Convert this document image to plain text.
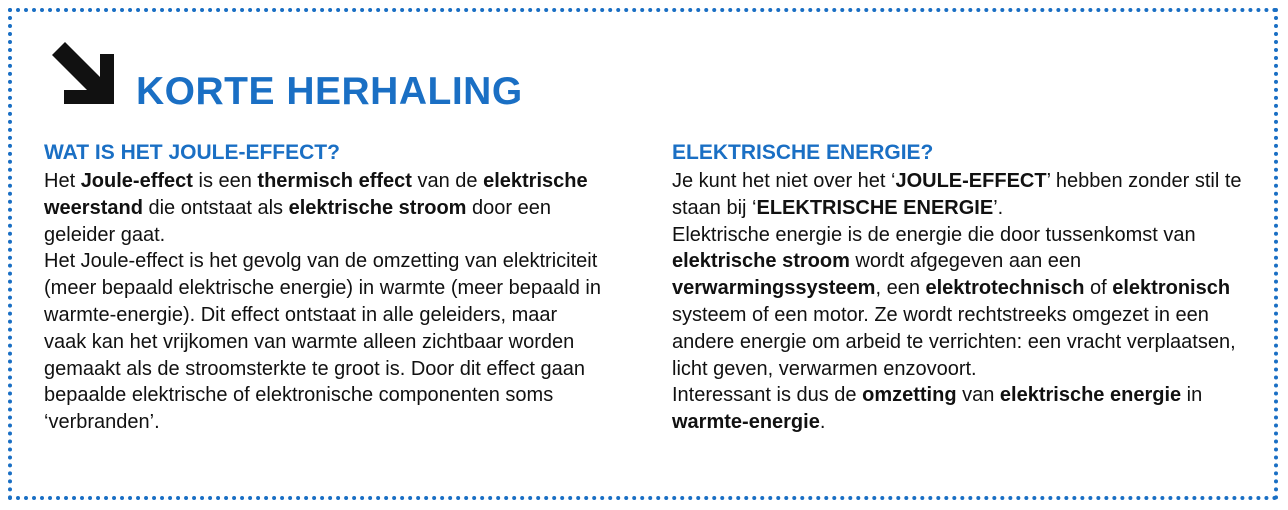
KORTE HERHALING
WAT IS HET JOULE-EFFECT?

Het Joule-effect is een thermisch effect van de elektrische weerstand die ontstaat als elektrische stroom door een geleider gaat.

Het Joule-effect is het gevolg van de omzetting van elektriciteit (meer bepaald elektrische energie) in warmte (meer bepaald in warmte-energie). Dit effect ontstaat in alle geleiders, maar vaak kan het vrijkomen van warmte alleen zichtbaar worden gemaakt als de stroomsterkte te groot is. Door dit effect gaan bepaalde elektrische of elektronische componenten soms ‘verbranden’.

ELEKTRISCHE ENERGIE?

Je kunt het niet over het ‘JOULE-EFFECT’ hebben zonder stil te staan bij ‘ELEKTRISCHE ENERGIE’.

Elektrische energie is de energie die door tussenkomst van elektrische stroom wordt afgegeven aan een verwarmingssysteem, een elektrotechnisch of elektronisch systeem of een motor. Ze wordt rechtstreeks omgezet in een andere energie om arbeid te verrichten: een vracht verplaatsen, licht geven, verwarmen enzovoort.

Interessant is dus de omzetting van elektrische energie in warmte-energie.
